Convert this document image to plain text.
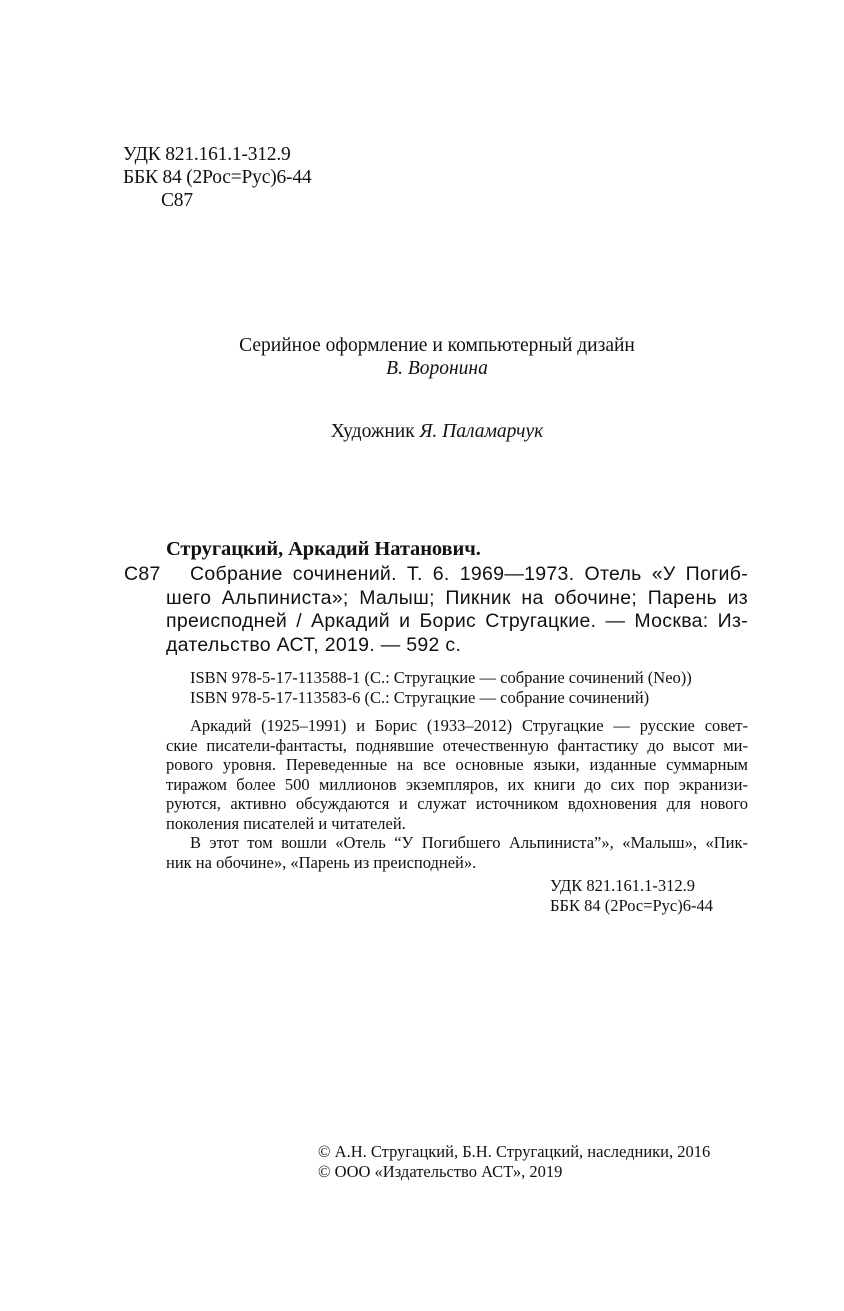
УДК 821.161.1-312.9
ББК 84 (2Рос=Рус)6-44
С87
Серийное оформление и компьютерный дизайн
В. Воронина
Художник Я. Паламарчук
Стругацкий, Аркадий Натанович.
С87 Собрание сочинений. Т. 6. 1969—1973. Отель «У Погиб-
шего Альпиниста»; Малыш; Пикник на обочине; Парень из
преисподней / Аркадий и Борис Стругацкие. — Москва: Из-
дательство АСТ, 2019. — 592 с.
ISBN 978-5-17-113588-1 (С.: Стругацкие — собрание сочинений (Neo))
ISBN 978-5-17-113583-6 (С.: Стругацкие — собрание сочинений)
Аркадий (1925–1991) и Борис (1933–2012) Стругацкие — русские совет-
ские писатели-фантасты, поднявшие отечественную фантастику до высот ми-
рового уровня. Переведенные на все основные языки, изданные суммарным
тиражом более 500 миллионов экземпляров, их книги до сих пор экранизи-
руются, активно обсуждаются и служат источником вдохновения для нового
поколения писателей и читателей.
В этот том вошли «Отель “У Погибшего Альпиниста”», «Малыш», «Пик-
ник на обочине», «Парень из преисподней».
УДК 821.161.1-312.9
ББК 84 (2Рос=Рус)6-44
© А.Н. Стругацкий, Б.Н. Стругацкий, наследники, 2016
© ООО «Издательство АСТ», 2019
